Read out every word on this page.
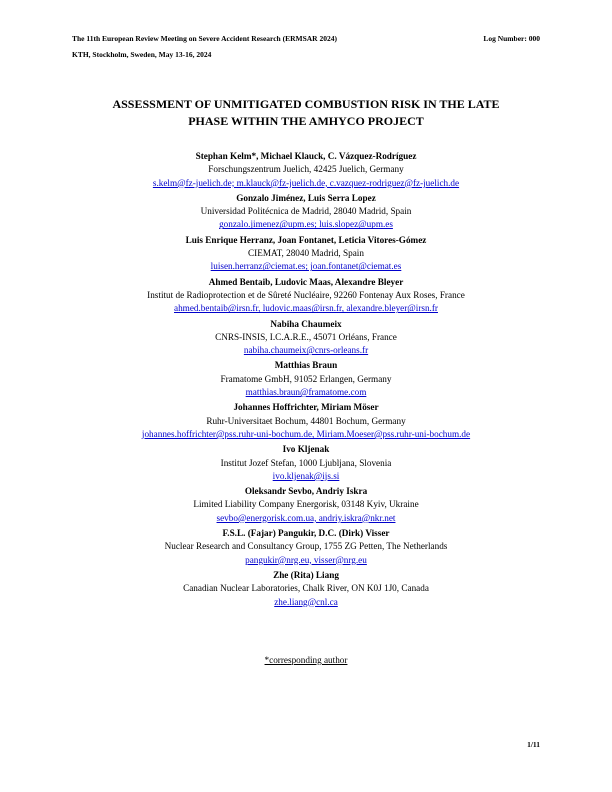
The 11th European Review Meeting on Severe Accident Research (ERMSAR 2024)
KTH, Stockholm, Sweden, May 13-16, 2024
Log Number: 000
ASSESSMENT OF UNMITIGATED COMBUSTION RISK IN THE LATE
PHASE WITHIN THE AMHYCO PROJECT
Stephan Kelm*, Michael Klauck, C. Vázquez-Rodríguez
Forschungszentrum Juelich, 42425 Juelich, Germany
s.kelm@fz-juelich.de; m.klauck@fz-juelich.de, c.vazquez-rodriguez@fz-juelich.de
Gonzalo Jiménez, Luis Serra Lopez
Universidad Politécnica de Madrid, 28040 Madrid, Spain
gonzalo.jimenez@upm.es; luis.slopez@upm.es
Luis Enrique Herranz, Joan Fontanet, Leticia Vitores-Gómez
CIEMAT, 28040 Madrid, Spain
luisen.herranz@ciemat.es; joan.fontanet@ciemat.es
Ahmed Bentaib, Ludovic Maas, Alexandre Bleyer
Institut de Radioprotection et de Sûreté Nucléaire, 92260 Fontenay Aux Roses, France
ahmed.bentaib@irsn.fr, ludovic.maas@irsn.fr, alexandre.bleyer@irsn.fr
Nabiha Chaumeix
CNRS-INSIS, I.C.A.R.E., 45071 Orléans, France
nabiha.chaumeix@cnrs-orleans.fr
Matthias Braun
Framatome GmbH, 91052 Erlangen, Germany
matthias.braun@framatome.com
Johannes Hoffrichter, Miriam Möser
Ruhr-Universitaet Bochum, 44801 Bochum, Germany
johannes.hoffrichter@pss.ruhr-uni-bochum.de, Miriam.Moeser@pss.ruhr-uni-bochum.de
Ivo Kljenak
Institut Jozef Stefan, 1000 Ljubljana, Slovenia
ivo.kljenak@ijs.si
Oleksandr Sevbo, Andriy Iskra
Limited Liability Company Energorisk, 03148 Kyiv, Ukraine
sevbo@energorisk.com.ua, andriy.iskra@nkr.net
F.S.L. (Fajar) Pangukir, D.C. (Dirk) Visser
Nuclear Research and Consultancy Group, 1755 ZG Petten, The Netherlands
pangukir@nrg.eu, visser@nrg.eu
Zhe (Rita) Liang
Canadian Nuclear Laboratories, Chalk River, ON K0J 1J0, Canada
zhe.liang@cnl.ca
*corresponding author
1/11
